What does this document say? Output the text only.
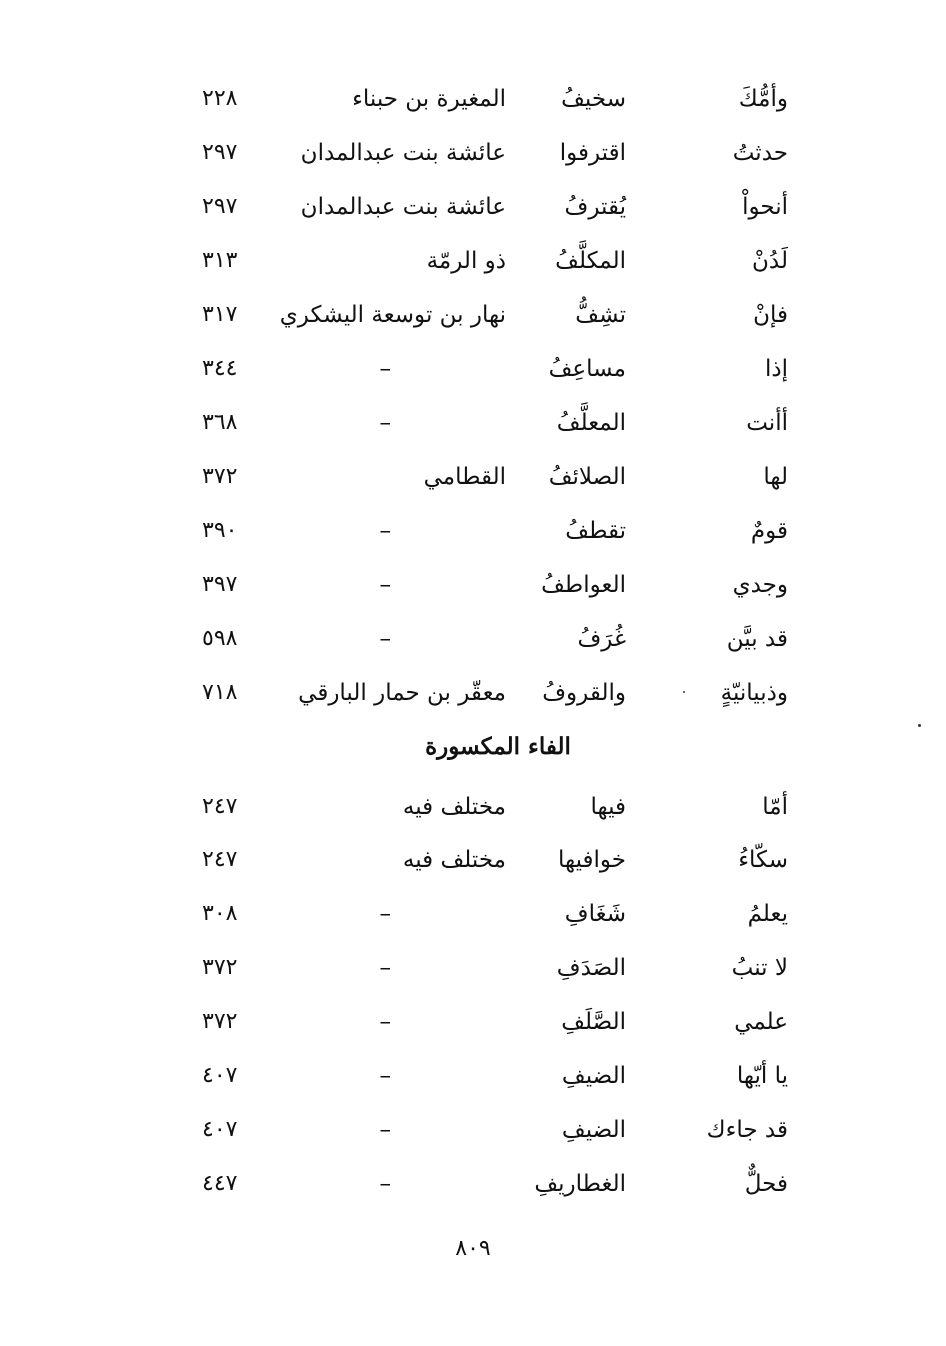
وأمُّكَ
سخيفُ
المغيرة بن حبناء
٢٢٨
حدثتُ
اقترفوا
عائشة بنت عبدالمدان
٢٩٧
أنحواْ
يُقترفُ
عائشة بنت عبدالمدان
٢٩٧
لَدُنْ
المكلَّفُ
ذو الرمّة
٣١٣
فإنْ
تشِفُّ
نهار بن توسعة اليشكري
٣١٧
إذا
مساعِفُ
–
٣٤٤
أأنت
المعلَّفُ
–
٣٦٨
لها
الصلائفُ
القطامي
٣٧٢
قومٌ
تقطفُ
–
٣٩٠
وجدي
العواطفُ
–
٣٩٧
قد بيَّن
غُرَفُ
–
٥٩٨
وذبيانيّةٍ
والقروفُ
معقّر بن حمار البارقي
٧١٨
الفاء المكسورة
أمّا
فيها
مختلف فيه
٢٤٧
سكّاءُ
خوافيها
مختلف فيه
٢٤٧
يعلمُ
شَغَافِ
–
٣٠٨
لا تنبُ
الصَدَفِ
–
٣٧٢
علمي
الصَّلَفِ
–
٣٧٢
يا أيّها
الضيفِ
–
٤٠٧
قد جاءك
الضيفِ
–
٤٠٧
فحلٌّ
الغطاريفِ
–
٤٤٧
٨٠٩
